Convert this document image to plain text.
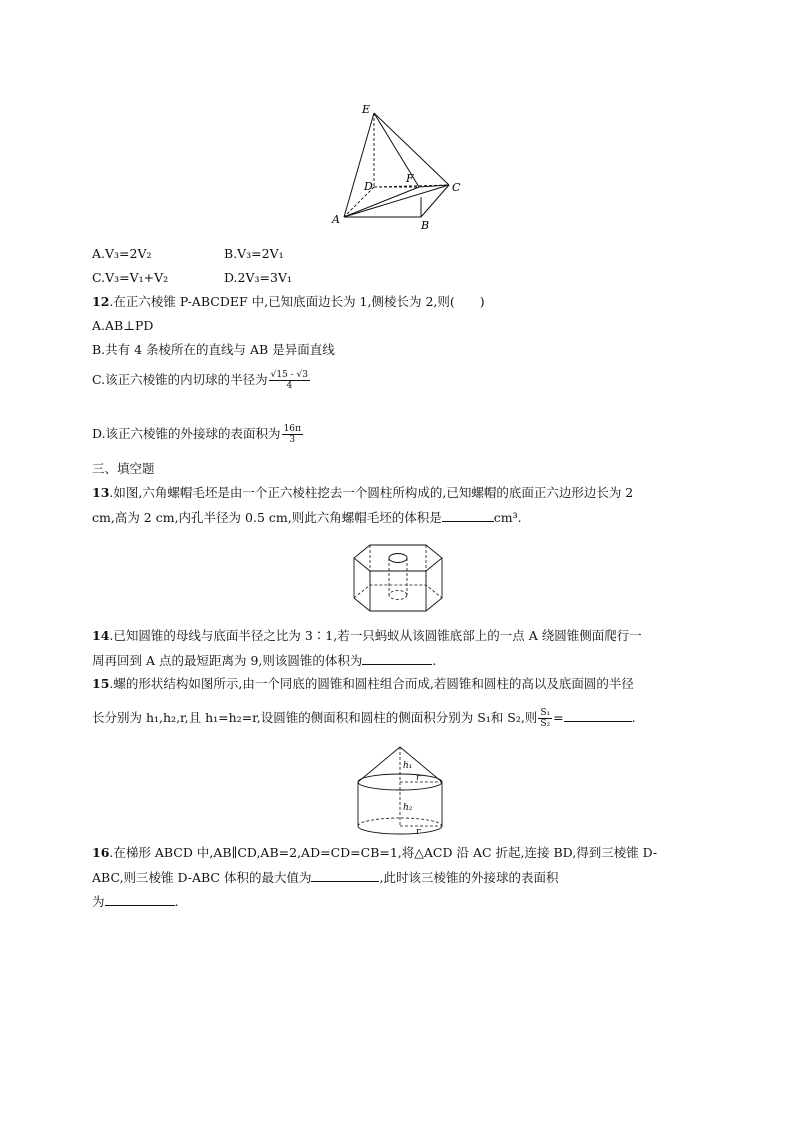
E
D
F
C
A	B
A.V₃=2V₂	B.V₃=2V₁
C.V₃=V₁+V₂	D.2V₃=3V₁
12.在正六棱锥 P-ABCDEF 中,已知底面边长为 1,侧棱长为 2,则(　　)
A.AB⊥PD
B.共有 4 条棱所在的直线与 AB 是异面直线
C.该正六棱锥的内切球的半径为 $\frac{√15 - √3}{4}$
D.该正六棱锥的外接球的表面积为 $\frac{16\pi}{3}$
三、填空题
13.如图,六角螺帽毛坯是由一个正六棱柱挖去一个圆柱所构成的,已知螺帽的底面正六边形边长为 2
cm,高为 2 cm,内孔半径为 0.5 cm,则此六角螺帽毛坯的体积是	cm³.
14.已知圆锥的母线与底面半径之比为 3∶1,若一只蚂蚁从该圆锥底部上的一点 A 绕圆锥侧面爬行一
周再回到 A 点的最短距离为 9,则该圆锥的体积为	.
15.螺的形状结构如图所示,由一个同底的圆锥和圆柱组合而成,若圆锥和圆柱的高以及底面圆的半径
长分别为 h₁,h₂,r,且 h₁=h₂=r,设圆锥的侧面积和圆柱的侧面积分别为 S₁和 S₂,则 $\frac{\text{S₁}}{\text{S₂}}$ =	.
h₁
r
h₂
r
16.在梯形 ABCD 中,AB∥CD,AB=2,AD=CD=CB=1,将△ACD 沿 AC 折起,连接 BD,得到三棱锥 D-
ABC,则三棱锥 D-ABC 体积的最大值为	,此时该三棱锥的外接球的表面积
为	.
